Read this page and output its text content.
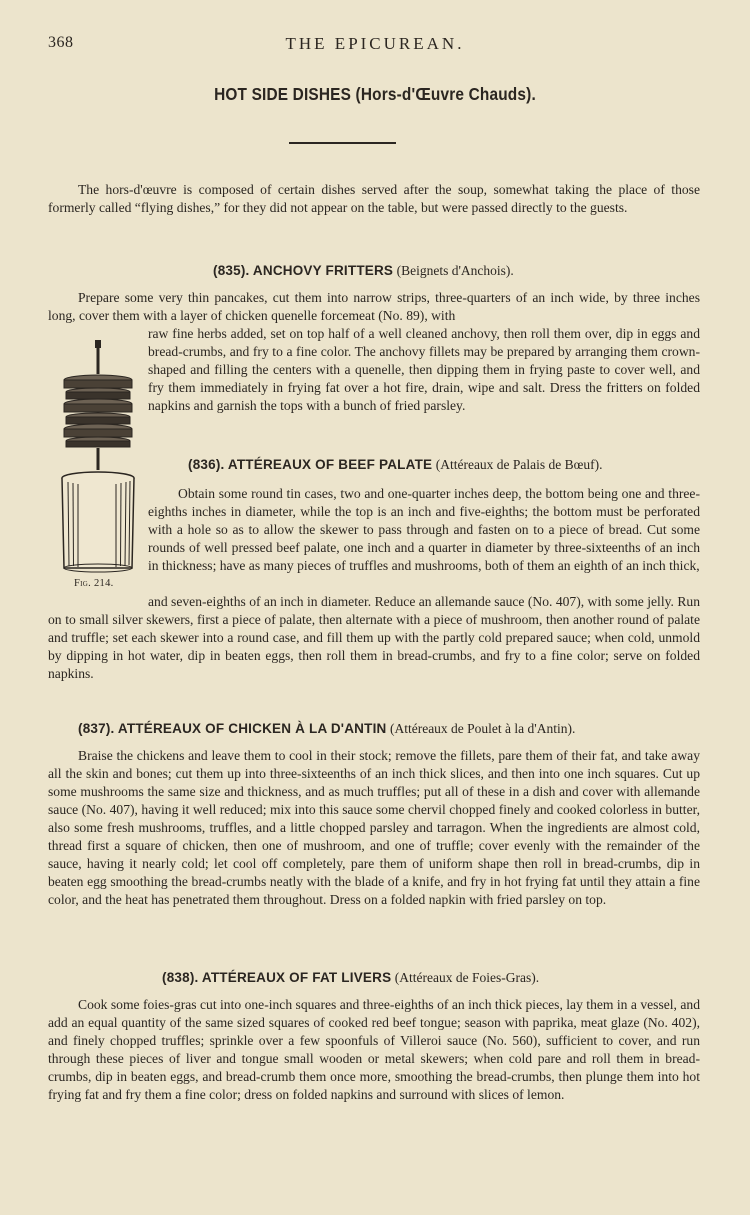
368	THE EPICUREAN.
HOT SIDE DISHES (Hors-d'Œuvre Chauds).

The hors-d'œuvre is composed of certain dishes served after the soup, somewhat taking the place of those formerly called “flying dishes,” for they did not appear on the table, but were passed directly to the guests.

(835). ANCHOVY FRITTERS (Beignets d'Anchois).

Prepare some very thin pancakes, cut them into narrow strips, three-quarters of an inch wide, by three inches long, cover them with a layer of chicken quenelle forcemeat (No. 89), with

raw fine herbs added, set on top half of a well cleaned anchovy, then roll them over, dip in eggs and bread-crumbs, and fry to a fine color. The anchovy fillets may be prepared by arranging them crown-shaped and filling the centers with a quenelle, then dipping them in frying paste to cover well, and fry them immediately in frying fat over a hot fire, drain, wipe and salt. Dress the fritters on folded napkins and garnish the tops with a bunch of fried parsley.

Fig. 214.
(836). ATTÉREAUX OF BEEF PALATE (Attéreaux de Palais de Bœuf).

Obtain some round tin cases, two and one-quarter inches deep, the bottom being one and three-eighths inches in diameter, while the top is an inch and five-eighths; the bottom must be perforated with a hole so as to allow the skewer to pass through and fasten on to a piece of bread. Cut some rounds of well pressed beef palate, one inch and a quarter in diameter by three-sixteenths of an inch in thickness; have as many pieces of truffles and mushrooms, both of them an eighth of an inch thick,

and seven-eighths of an inch in diameter. Reduce an allemande sauce (No. 407), with some jelly. Run on to small silver skewers, first a piece of palate, then alternate with a piece of mushroom, then another round of palate and truffle; set each skewer into a round case, and fill them up with the partly cold prepared sauce; when cold, unmold by dipping in hot water, dip in beaten eggs, then roll them in bread-crumbs, and fry to a fine color; serve on folded napkins.

(837). ATTÉREAUX OF CHICKEN À LA D'ANTIN (Attéreaux de Poulet à la d'Antin).

Braise the chickens and leave them to cool in their stock; remove the fillets, pare them of their fat, and take away all the skin and bones; cut them up into three-sixteenths of an inch thick slices, and then into one inch squares. Cut up some mushrooms the same size and thickness, and as much truffles; put all of these in a dish and cover with allemande sauce (No. 407), having it well reduced; mix into this sauce some chervil chopped finely and cooked colorless in butter, also some fresh mushrooms, truffles, and a little chopped parsley and tarragon. When the ingredients are almost cold, thread first a square of chicken, then one of mushroom, and one of truffle; cover evenly with the remainder of the sauce, having it nearly cold; let cool off completely, pare them of uniform shape then roll in bread-crumbs, dip in beaten egg smoothing the bread-crumbs neatly with the blade of a knife, and fry in hot frying fat until they attain a fine color, and the heat has penetrated them throughout. Dress on a folded napkin with fried parsley on top.

(838). ATTÉREAUX OF FAT LIVERS (Attéreaux de Foies-Gras).

Cook some foies-gras cut into one-inch squares and three-eighths of an inch thick pieces, lay them in a vessel, and add an equal quantity of the same sized squares of cooked red beef tongue; season with paprika, meat glaze (No. 402), and finely chopped truffles; sprinkle over a few spoonfuls of Villeroi sauce (No. 560), sufficient to cover, and run through these pieces of liver and tongue small wooden or metal skewers; when cold pare and roll them in bread-crumbs, dip in beaten eggs, and bread-crumb them once more, smoothing the bread-crumbs, then plunge them into hot frying fat and fry them a fine color; dress on folded napkins and surround with slices of lemon.
